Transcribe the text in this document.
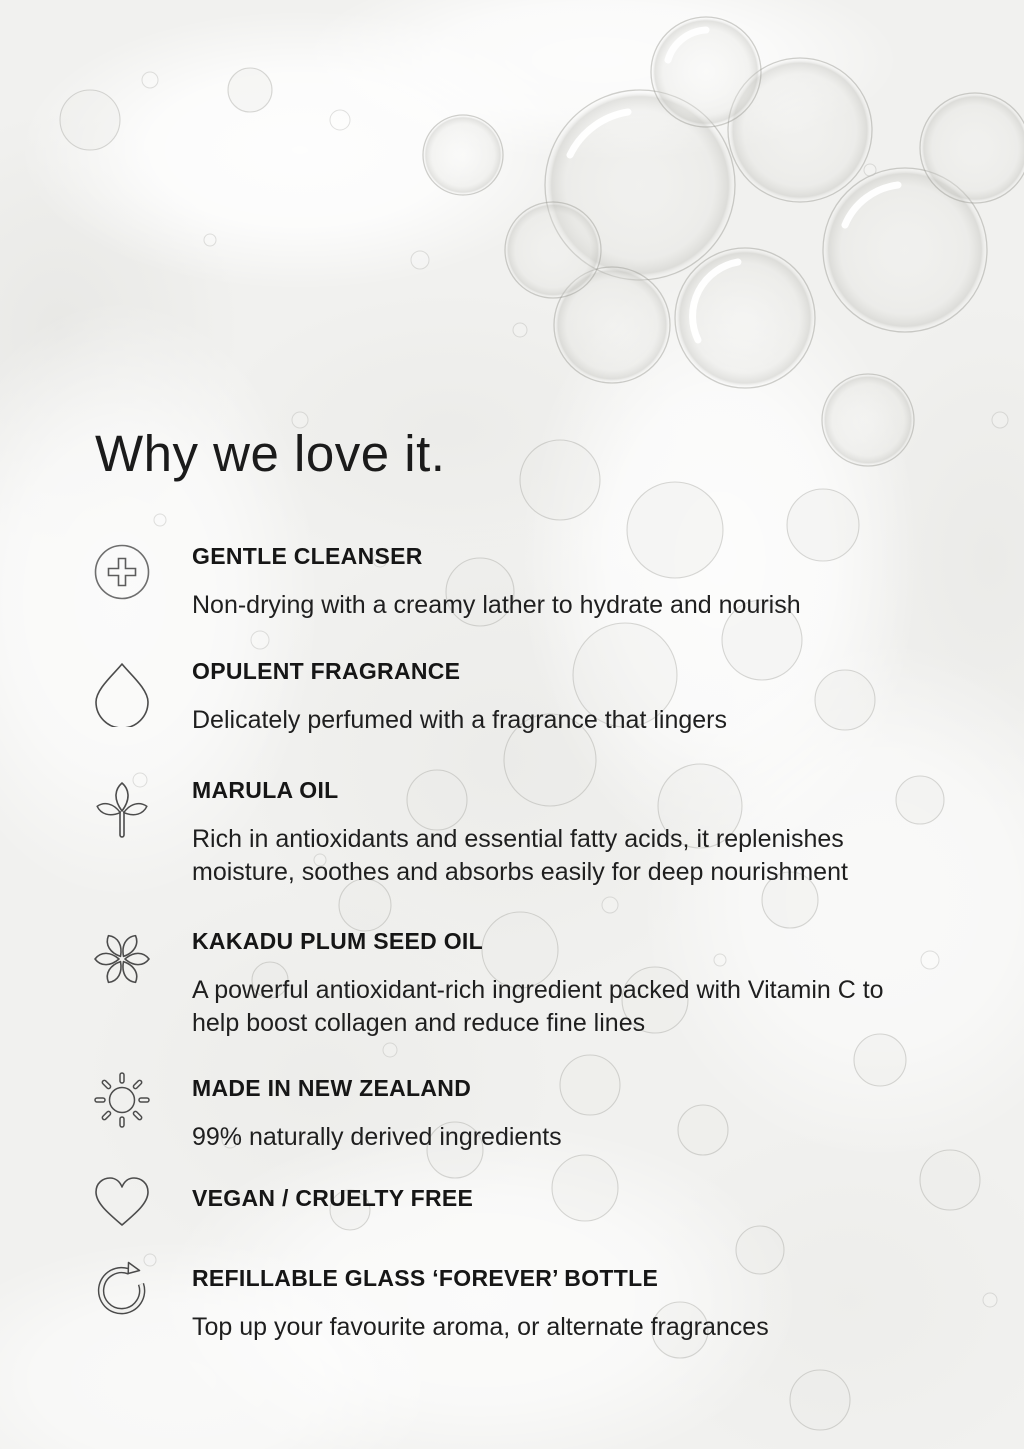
Why we love it.
GENTLE CLEANSER
Non-drying with a creamy lather to hydrate and nourish
OPULENT FRAGRANCE
Delicately perfumed with a fragrance that lingers
MARULA OIL
Rich in antioxidants and essential fatty acids, it replenishes moisture, soothes and absorbs easily for deep nourishment
KAKADU PLUM SEED OIL
A powerful antioxidant-rich ingredient packed with Vitamin C to help boost collagen and reduce fine lines
MADE IN NEW ZEALAND
99% naturally derived ingredients
VEGAN / CRUELTY FREE
REFILLABLE GLASS ‘FOREVER’ BOTTLE
Top up your favourite aroma, or alternate fragrances
